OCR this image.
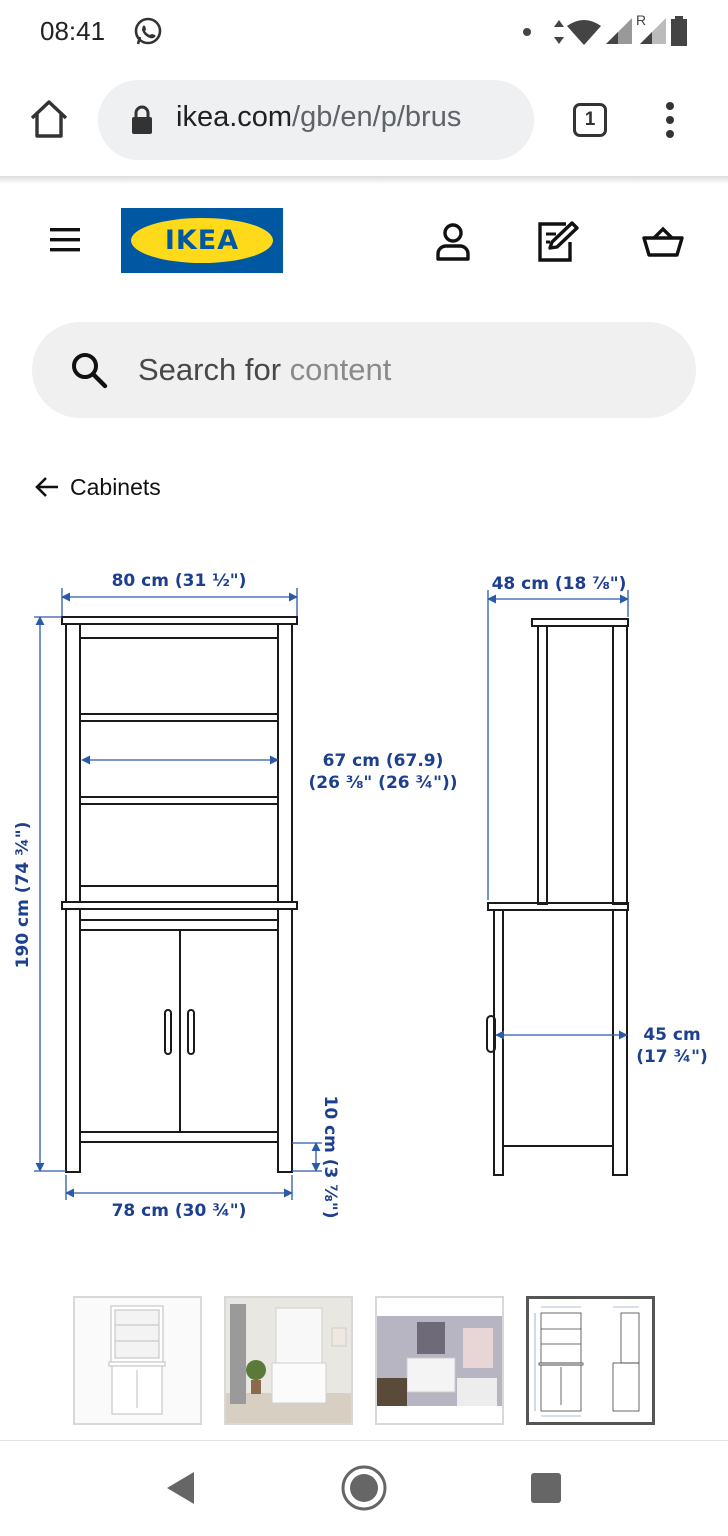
08:41	R
ikea.com/gb/en/p/brus	1
IKEA
Search for content
Cabinets
80 cm (31 ½")	48 cm (18 ⅞")
67 cm (67.9)
(26 ⅜" (26 ¾"))
190 cm (74 ¾")
45 cm
(17 ¾")
10 cm (3 ⅞")
78 cm (30 ¾")
